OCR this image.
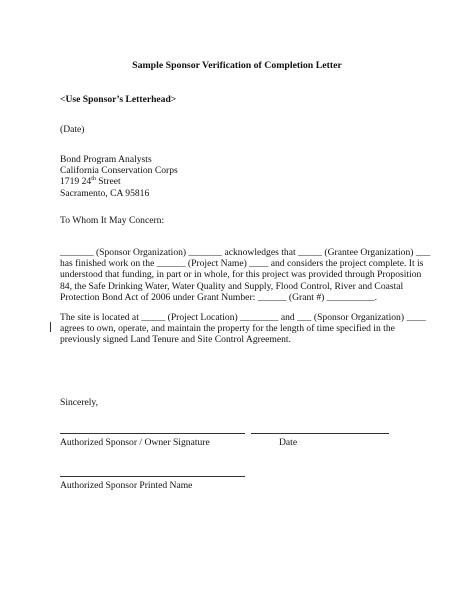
Sample Sponsor Verification of Completion Letter
<Use Sponsor’s Letterhead>
(Date)
Bond Program Analysts
California Conservation Corps
1719 24th Street
Sacramento, CA 95816
To Whom It May Concern:
_______ (Sponsor Organization) _______ acknowledges that _____ (Grantee Organization) ___
has finished work on the ______ (Project Name) ____ and considers the project complete. It is
understood that funding, in part or in whole, for this project was provided through Proposition
84, the Safe Drinking Water, Water Quality and Supply, Flood Control, River and Coastal
Protection Bond Act of 2006 under Grant Number: ______ (Grant #) __________.
The site is located at _____ (Project Location) ________ and ___ (Sponsor Organization) ____
agrees to own, operate, and maintain the property for the length of time specified in the
previously signed Land Tenure and Site Control Agreement.
Sincerely,
Authorized Sponsor / Owner Signature	Date
Authorized Sponsor Printed Name
